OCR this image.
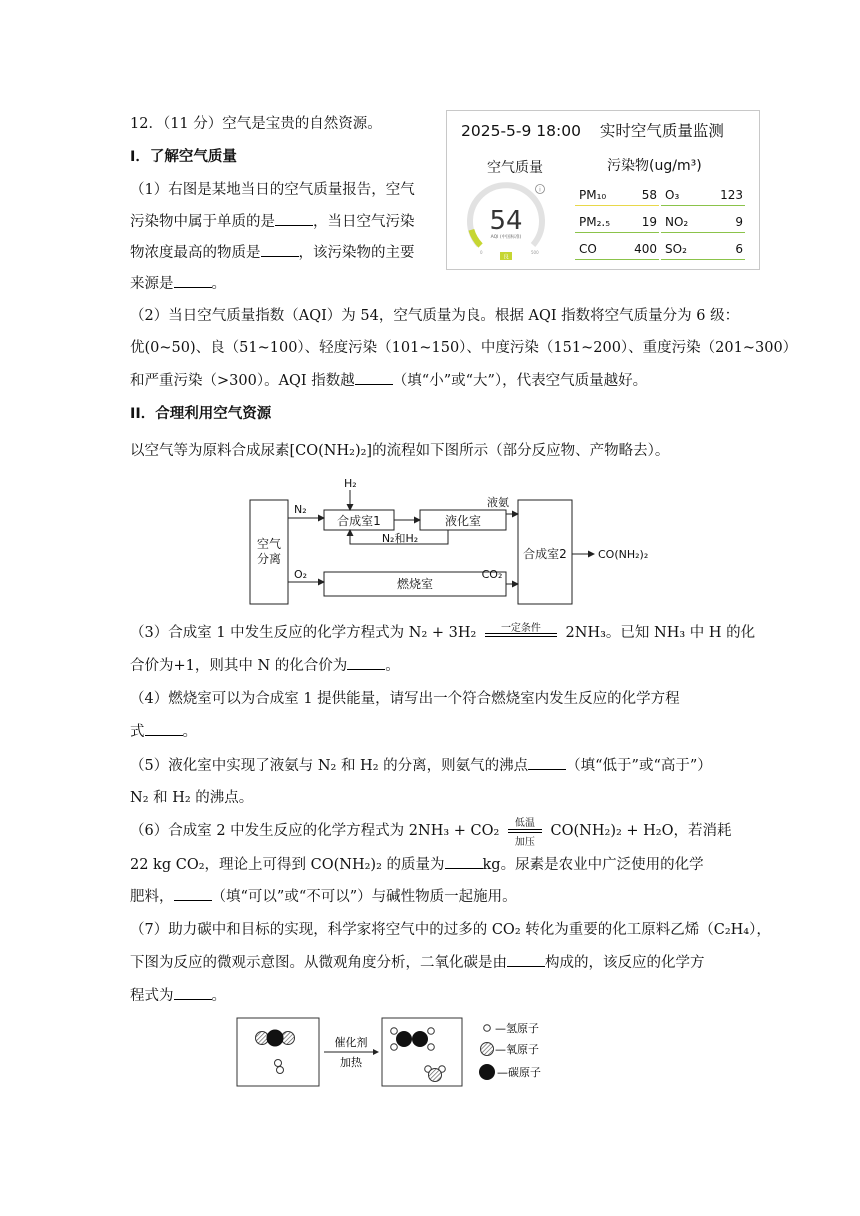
12．（11 分）空气是宝贵的自然资源。
I．了解空气质量
（1）右图是某地当日的空气质量报告，空气
污染物中属于单质的是	，当日空气污染
物浓度最高的物质是	，该污染物的主要
来源是	。
2025-5-9 18:00 实时空气质量监测
空气质量	污染物(ug/m³)
i
54
AQI (中国标准)
0	500
良
PM₁₀	58 O₃	123
PM₂.₅	19 NO₂	9
CO	400 SO₂	6
（2）当日空气质量指数（AQI）为 54，空气质量为良。根据 AQI 指数将空气质量分为 6 级：
优(0~50)、良（51~100）、轻度污染（101~150）、中度污染（151~200）、重度污染（201~300）
和严重污染（>300）。AQI 指数越	（填“小”或“大”），代表空气质量越好。
II．合理利用空气资源
以空气等为原料合成尿素[CO(NH₂)₂]的流程如下图所示（部分反应物、产物略去）。
空气
分离
N₂
H₂
合成室1	液化室
N₂和H₂
液氨
O₂
燃烧室
CO₂
合成室2	CO(NH₂)₂
（3）合成室 1 中发生反应的化学方程式为 N₂ + 3H₂	一定条件	2NH₃。已知 NH₃ 中 H 的化
合价为+1，则其中 N 的化合价为	。
（4）燃烧室可以为合成室 1 提供能量，请写出一个符合燃烧室内发生反应的化学方程
式	。
（5）液化室中实现了液氨与 N₂ 和 H₂ 的分离，则氨气的沸点	（填“低于”或“高于”）
N₂ 和 H₂ 的沸点。
（6）合成室 2 中发生反应的化学方程式为 2NH₃ + CO₂	低温
加压
CO(NH₂)₂ + H₂O，若消耗
22 kg CO₂，理论上可得到 CO(NH₂)₂ 的质量为	kg。尿素是农业中广泛使用的化学
肥料，	（填“可以”或“不可以”）与碱性物质一起施用。
（7）助力碳中和目标的实现，科学家将空气中的过多的 CO₂ 转化为重要的化工原料乙烯（C₂H₄），
下图为反应的微观示意图。从微观角度分析，二氧化碳是由	构成的，该反应的化学方
程式为	。
催化剂
加热
—氢原子
—氧原子
—碳原子
